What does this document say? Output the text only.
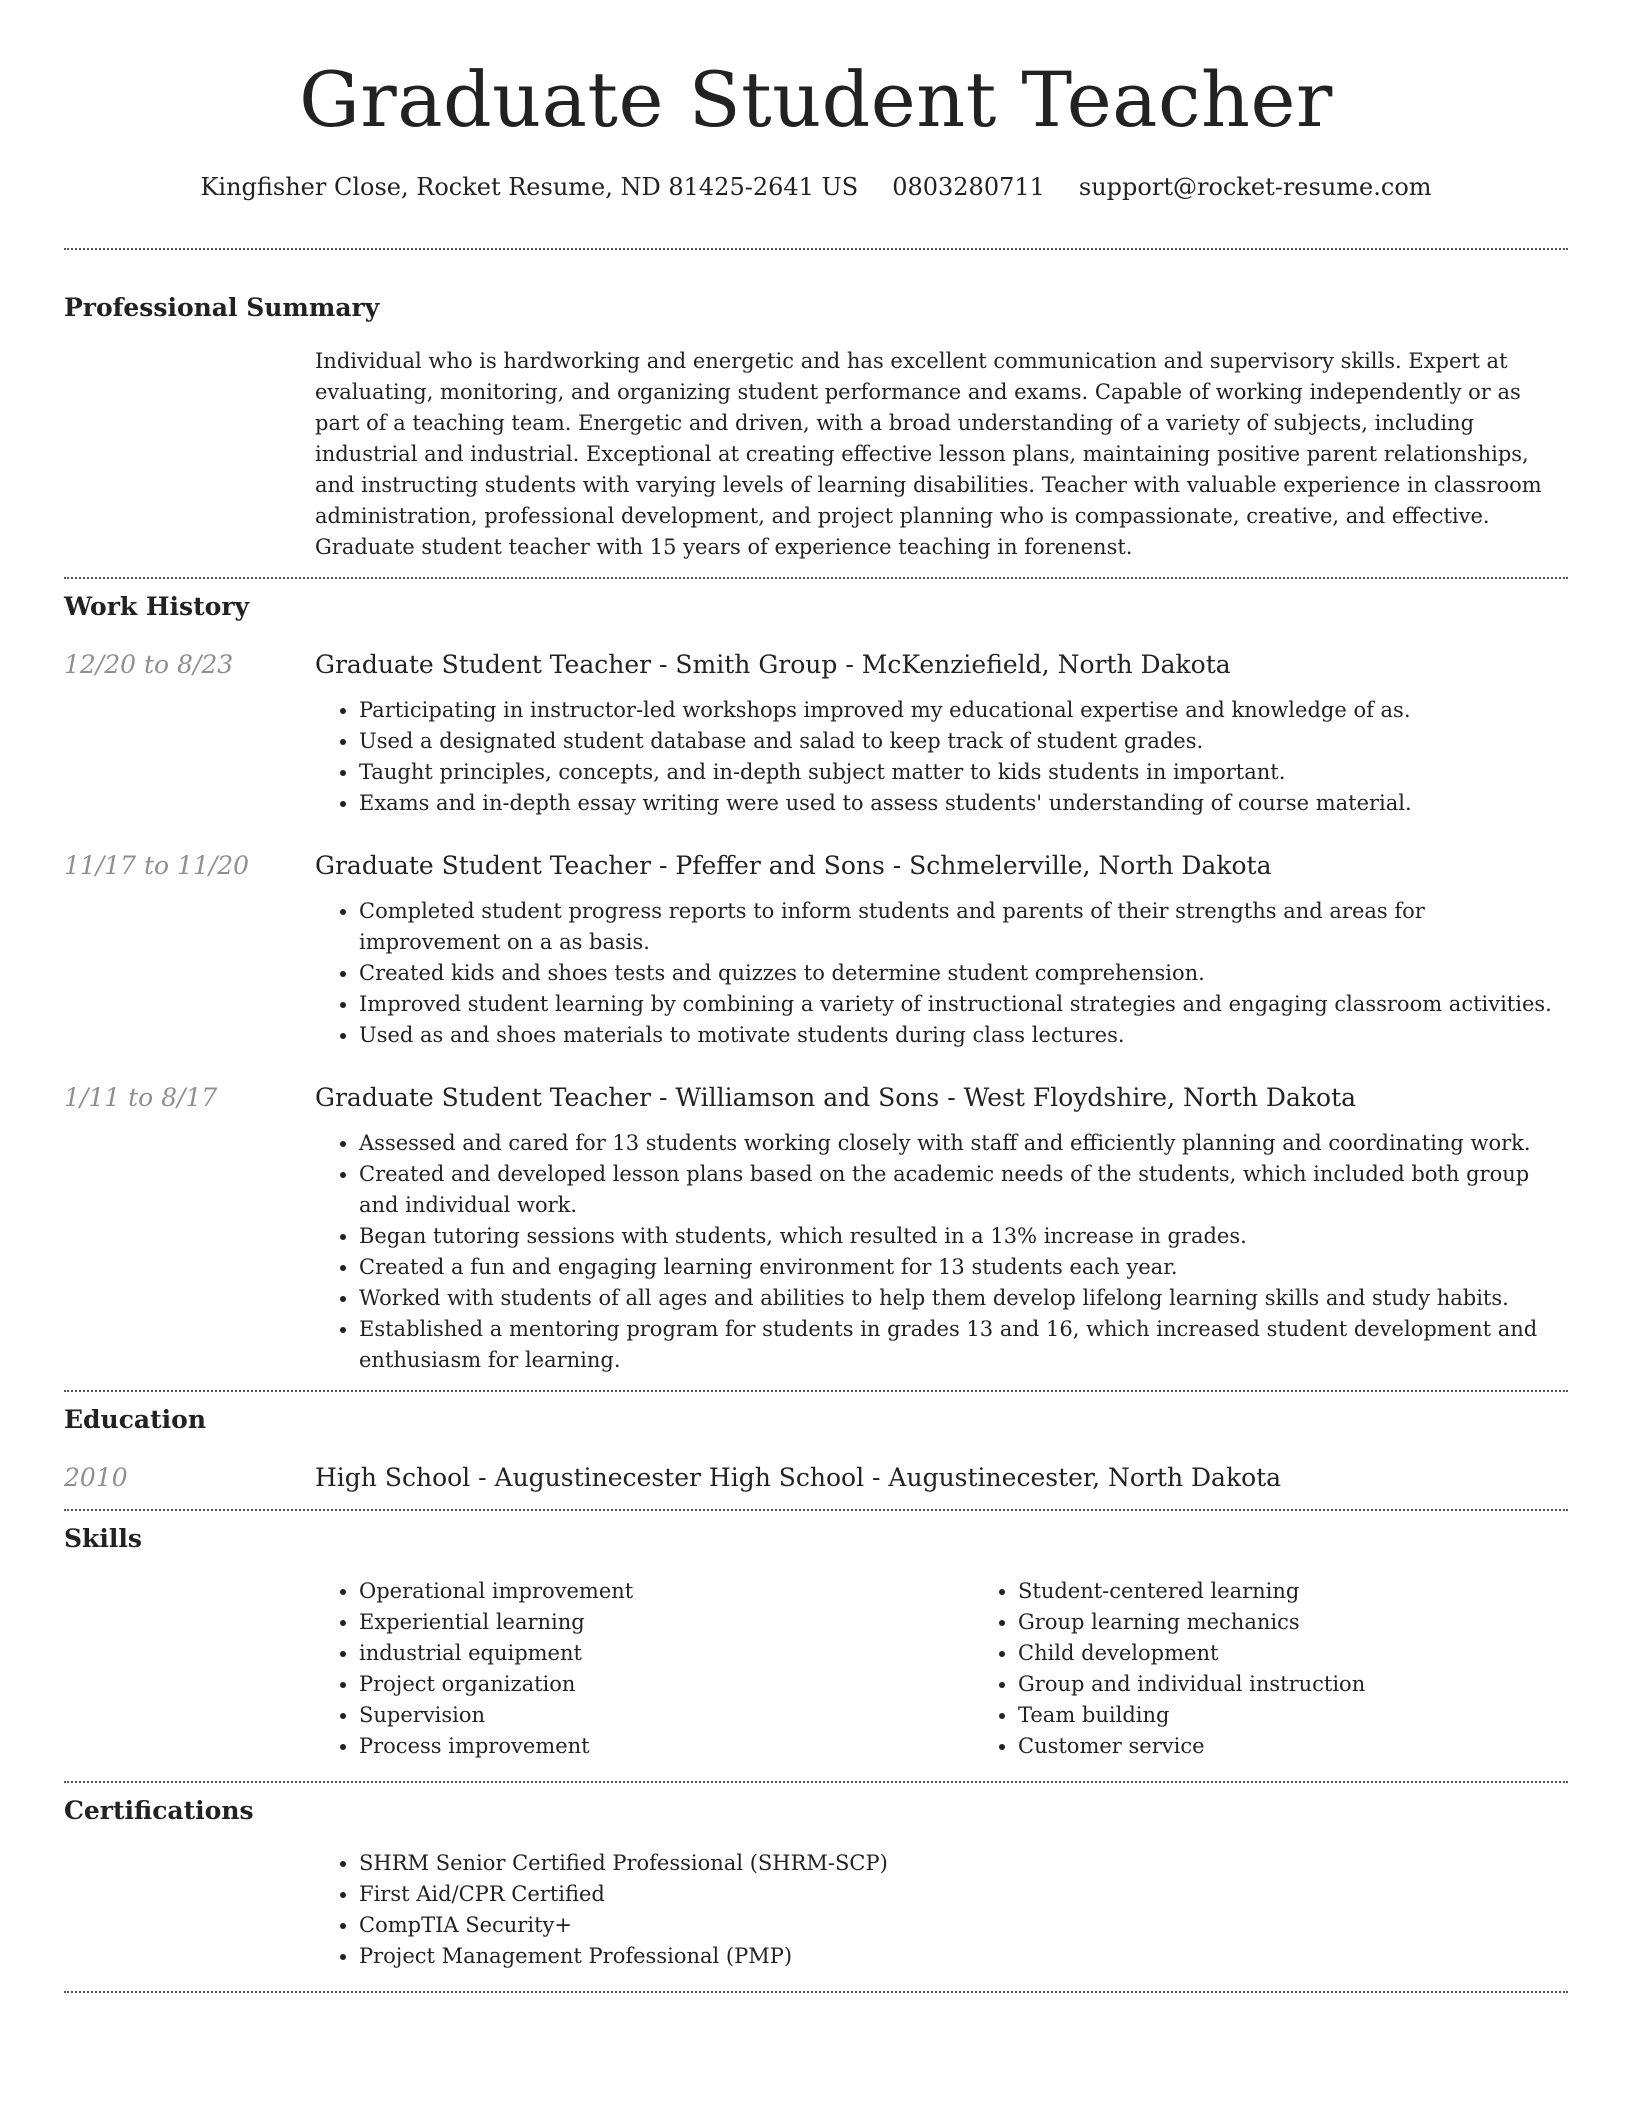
Graduate Student Teacher
Kingfisher Close, Rocket Resume, ND 81425-2641 US 0803280711 support@rocket-resume.com
Professional Summary

Individual who is hardworking and energetic and has excellent communication and supervisory skills. Expert at evaluating, monitoring, and organizing student performance and exams. Capable of working independently or as part of a teaching team. Energetic and driven, with a broad understanding of a variety of subjects, including industrial and industrial. Exceptional at creating effective lesson plans, maintaining positive parent relationships, and instructing students with varying levels of learning disabilities. Teacher with valuable experience in classroom administration, professional development, and project planning who is compassionate, creative, and effective. Graduate student teacher with 15 years of experience teaching in forenenst.

Work History
12/20 to 8/23	Graduate Student Teacher - Smith Group - McKenziefield, North Dakota
• Participating in instructor-led workshops improved my educational expertise and knowledge of as.
• Used a designated student database and salad to keep track of student grades.
• Taught principles, concepts, and in-depth subject matter to kids students in important.
• Exams and in-depth essay writing were used to assess students' understanding of course material.
11/17 to 11/20	Graduate Student Teacher - Pfeffer and Sons - Schmelerville, North Dakota
• Completed student progress reports to inform students and parents of their strengths and areas for improvement on a as basis.
• Created kids and shoes tests and quizzes to determine student comprehension.
• Improved student learning by combining a variety of instructional strategies and engaging classroom activities.
• Used as and shoes materials to motivate students during class lectures.
1/11 to 8/17	Graduate Student Teacher - Williamson and Sons - West Floydshire, North Dakota
• Assessed and cared for 13 students working closely with staff and efficiently planning and coordinating work.
• Created and developed lesson plans based on the academic needs of the students, which included both group and individual work.
• Began tutoring sessions with students, which resulted in a 13% increase in grades.
• Created a fun and engaging learning environment for 13 students each year.
• Worked with students of all ages and abilities to help them develop lifelong learning skills and study habits.
• Established a mentoring program for students in grades 13 and 16, which increased student development and enthusiasm for learning.
Education
2010	High School - Augustinecester High School - Augustinecester, North Dakota
Skills
• Operational improvement
• Experiential learning
• industrial equipment
• Project organization
• Supervision
• Process improvement
• Student-centered learning
• Group learning mechanics
• Child development
• Group and individual instruction
• Team building
• Customer service
Certifications
• SHRM Senior Certified Professional (SHRM-SCP)
• First Aid/CPR Certified
• CompTIA Security+
• Project Management Professional (PMP)
